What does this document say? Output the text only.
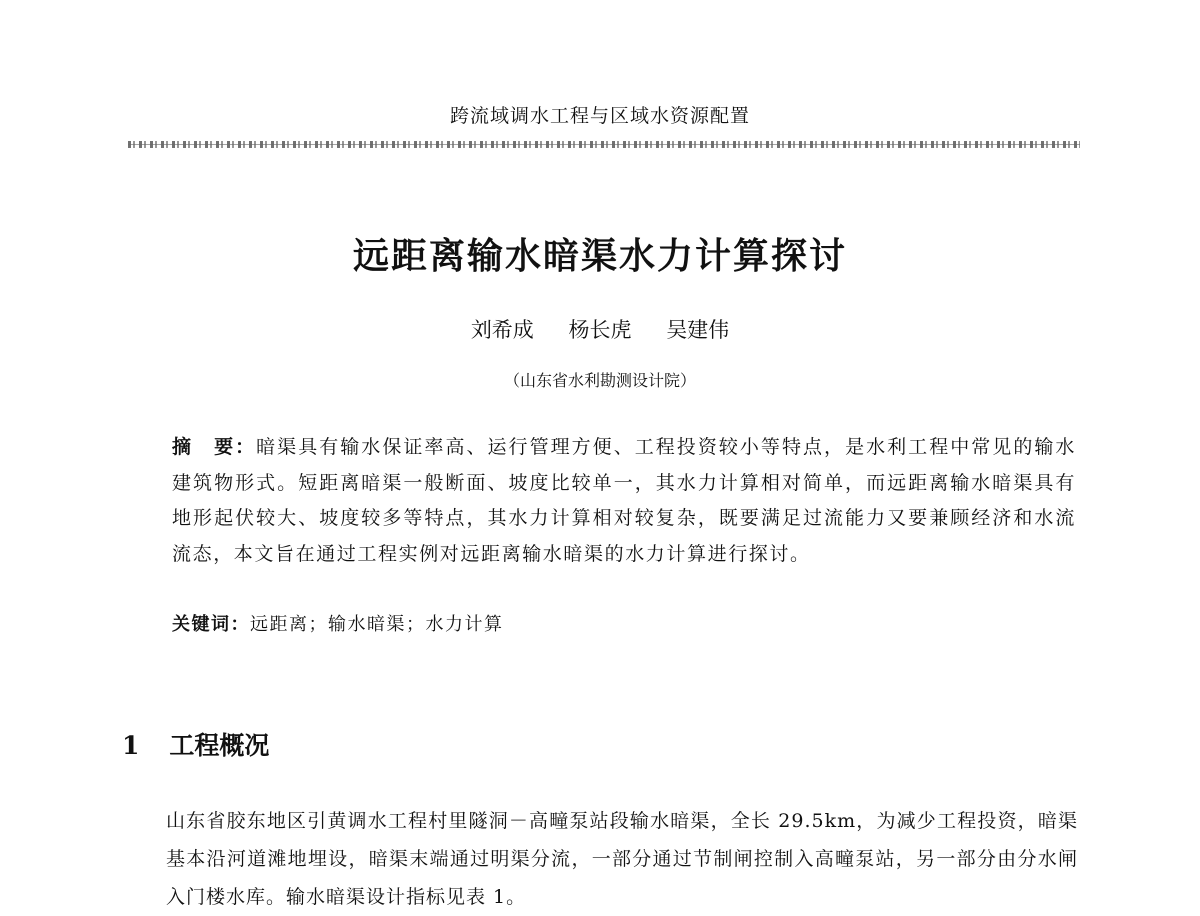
跨流域调水工程与区域水资源配置
远距离输水暗渠水力计算探讨
刘希成 杨长虎 吴建伟
（山东省水利勘测设计院）
摘　要：暗渠具有输水保证率高、运行管理方便、工程投资较小等特点，是水利工程中常见的输水建筑物形式。短距离暗渠一般断面、坡度比较单一，其水力计算相对简单，而远距离输水暗渠具有地形起伏较大、坡度较多等特点，其水力计算相对较复杂，既要满足过流能力又要兼顾经济和水流流态，本文旨在通过工程实例对远距离输水暗渠的水力计算进行探讨。
关键词：远距离；输水暗渠；水力计算
1 工程概况
山东省胶东地区引黄调水工程村里隧洞－高疃泵站段输水暗渠，全长 29.5km，为减少工程投资，暗渠基本沿河道滩地埋设，暗渠末端通过明渠分流，一部分通过节制闸控制入高疃泵站，另一部分由分水闸入门楼水库。输水暗渠设计指标见表 1。
